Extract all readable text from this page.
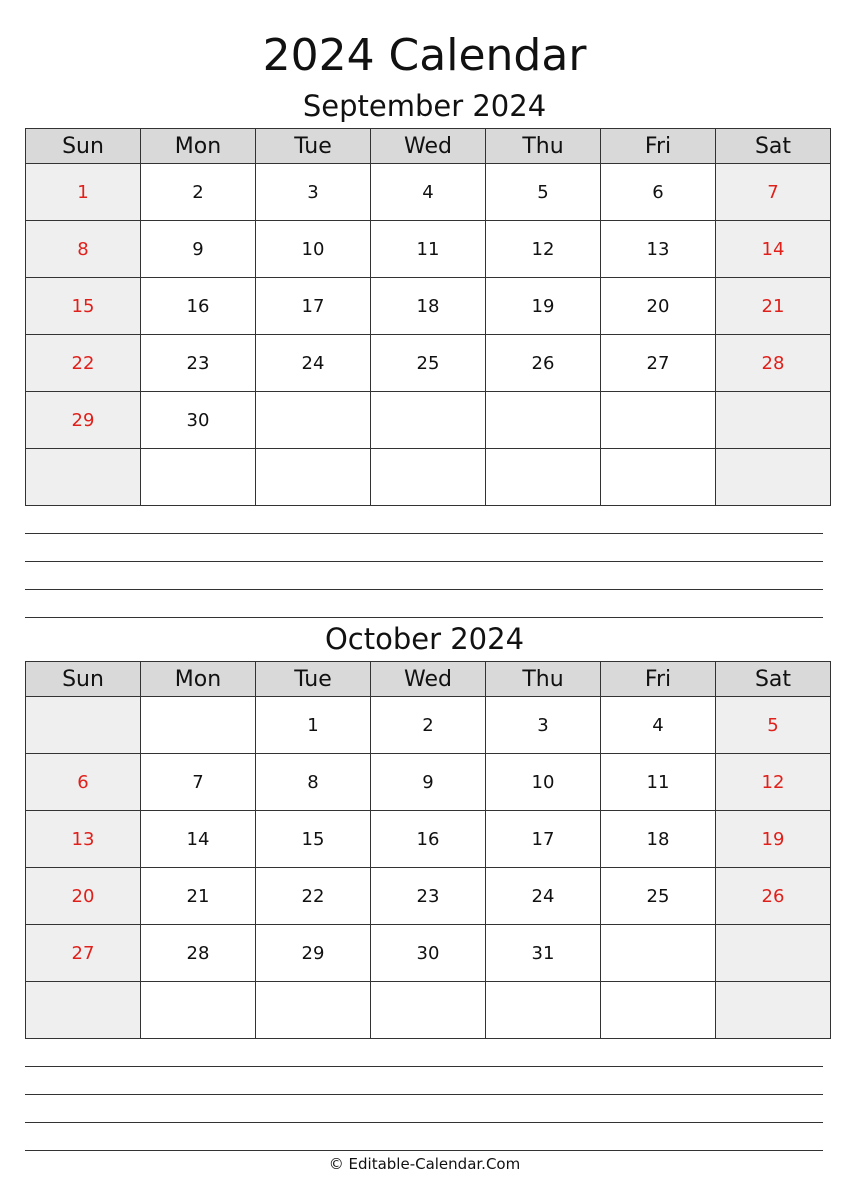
2024 Calendar
September 2024
Sun	Mon	Tue	Wed	Thu	Fri	Sat
1	2	3	4	5	6	7
8	9	10	11	12	13	14
15	16	17	18	19	20	21
22	23	24	25	26	27	28
29	30					

October 2024
Sun	Mon	Tue	Wed	Thu	Fri	Sat
		1	2	3	4	5
6	7	8	9	10	11	12
13	14	15	16	17	18	19
20	21	22	23	24	25	26
27	28	29	30	31		

© Editable-Calendar.Com
